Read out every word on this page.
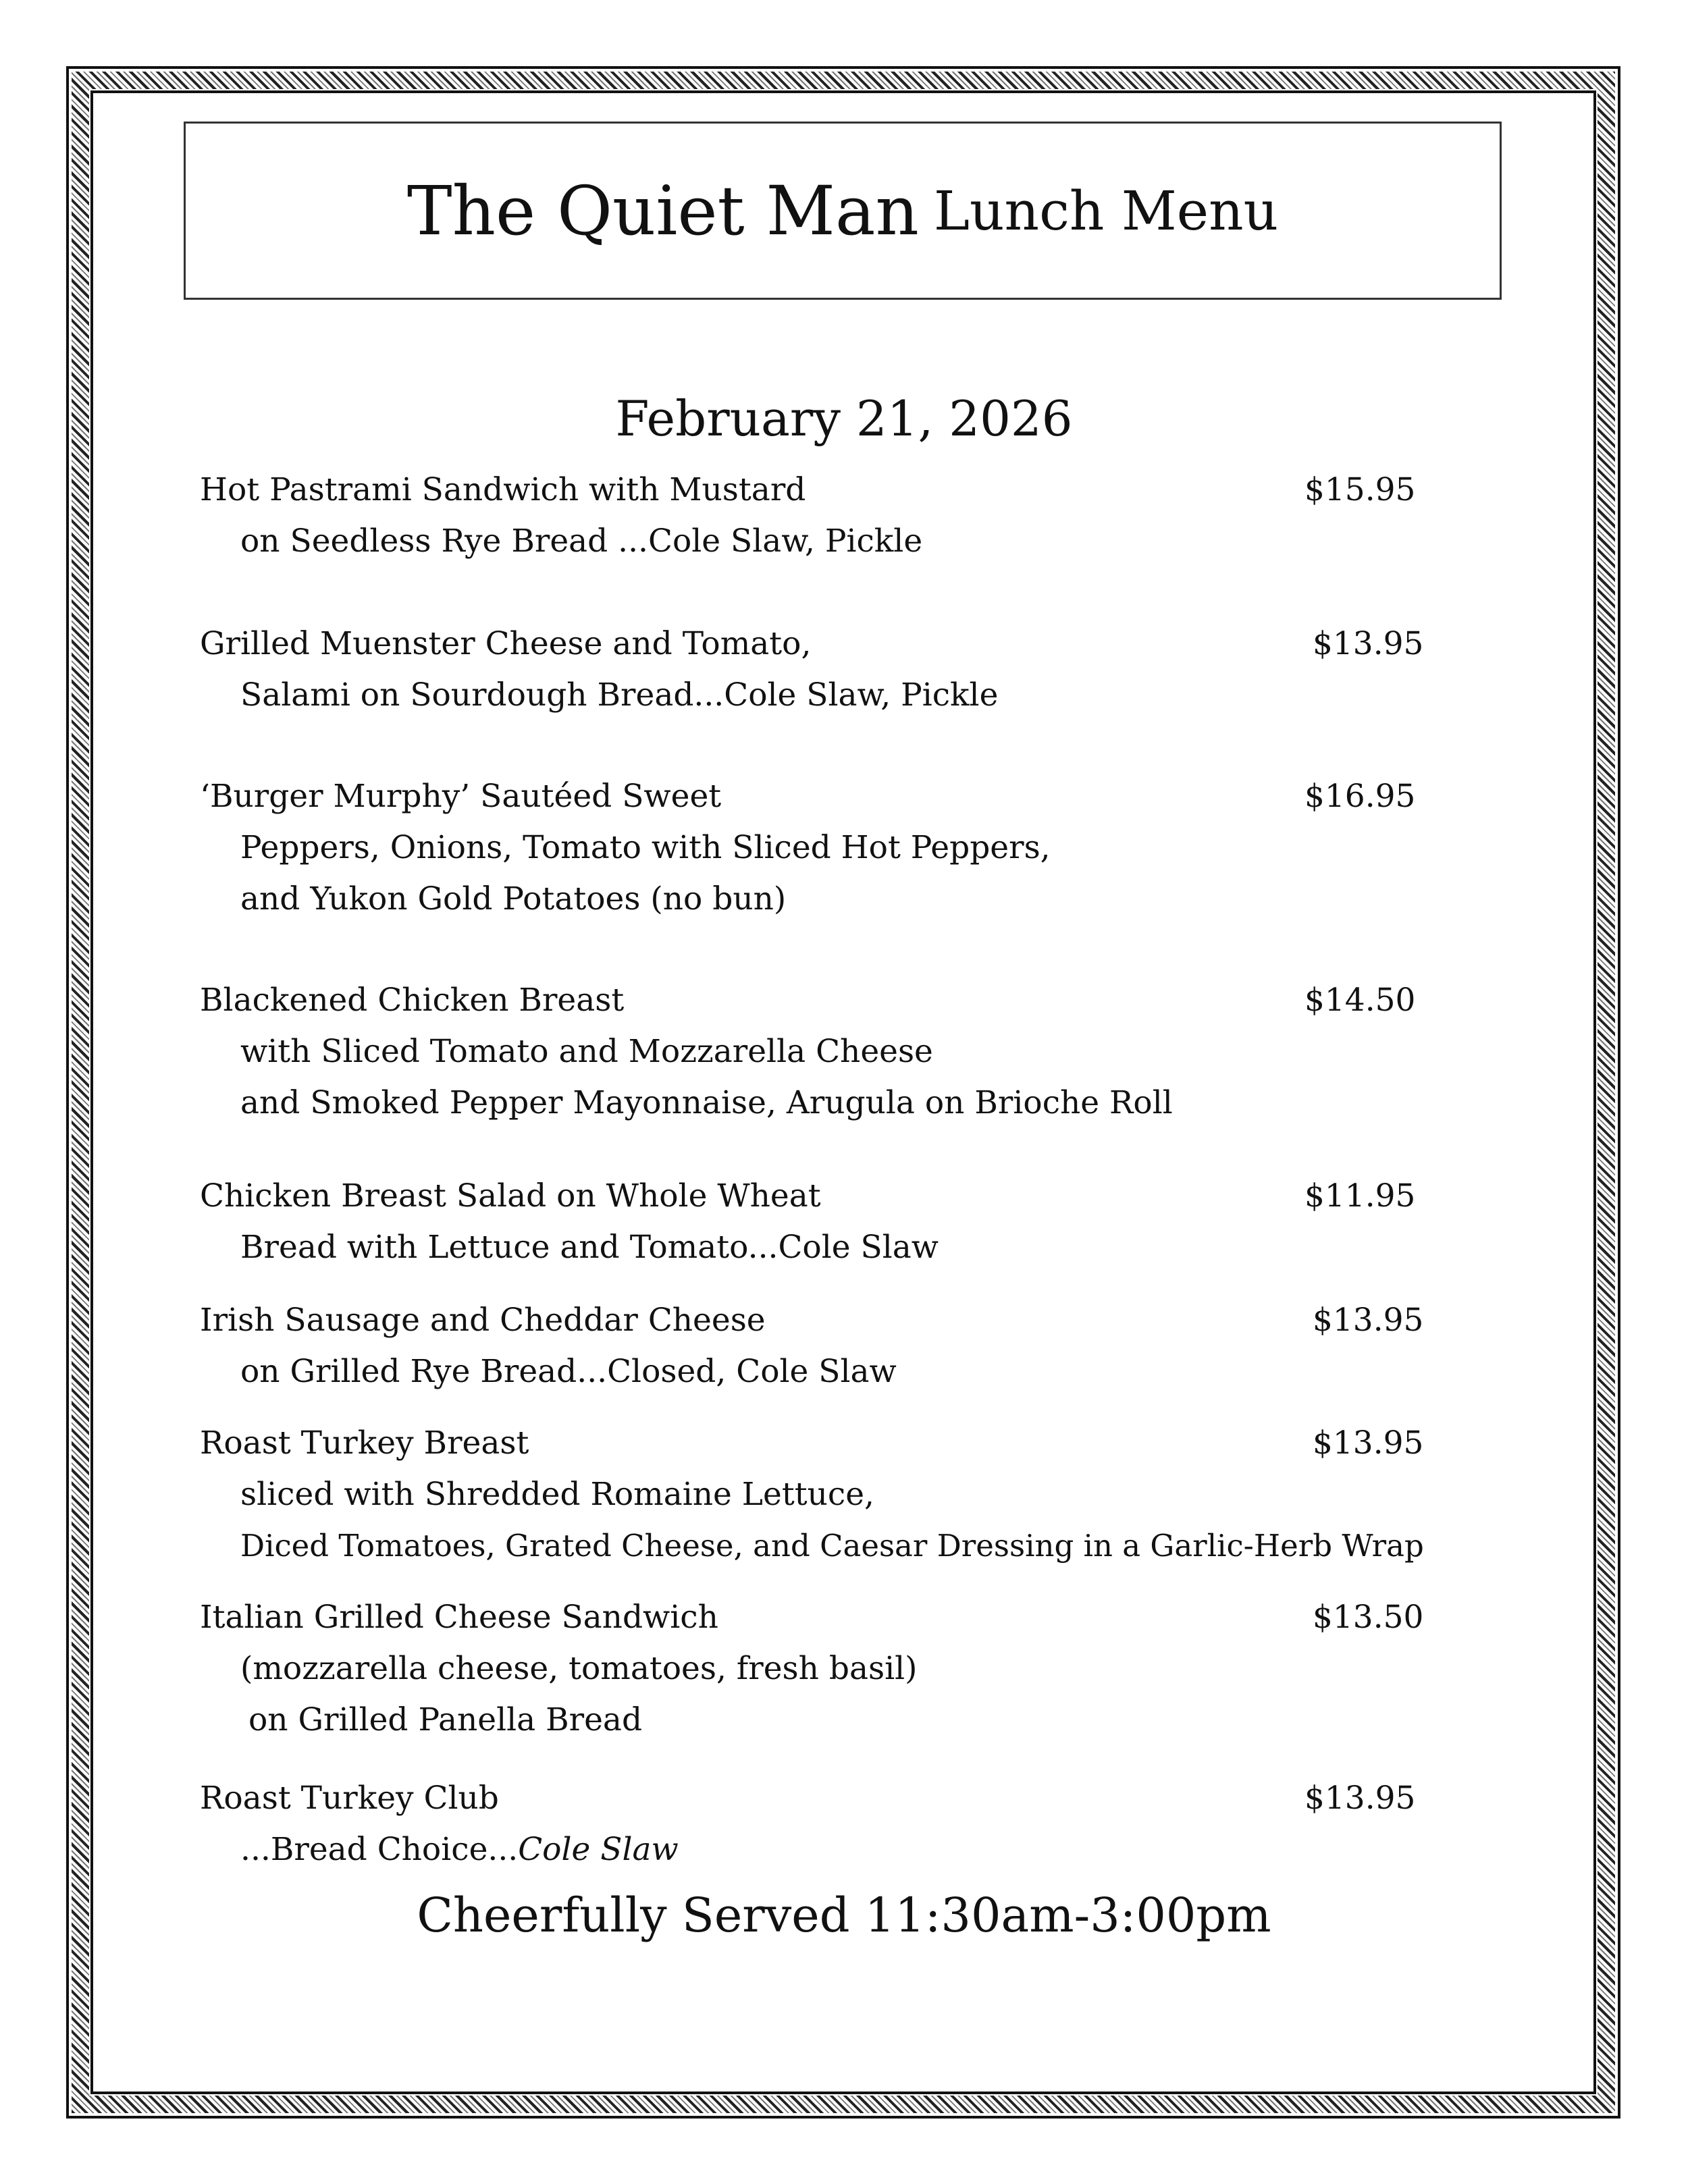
The Quiet Man Lunch Menu
February 21, 2026
Hot Pastrami Sandwich with Mustard
on Seedless Rye Bread ...Cole Slaw, Pickle
$15.95
Grilled Muenster Cheese and Tomato,
Salami on Sourdough Bread...Cole Slaw, Pickle
$13.95
‘Burger Murphy’ Sautéed Sweet
Peppers, Onions, Tomato with Sliced Hot Peppers,
and Yukon Gold Potatoes (no bun)
$16.95
Blackened Chicken Breast
with Sliced Tomato and Mozzarella Cheese
and Smoked Pepper Mayonnaise, Arugula on Brioche Roll
$14.50
Chicken Breast Salad on Whole Wheat
Bread with Lettuce and Tomato...Cole Slaw
$11.95
Irish Sausage and Cheddar Cheese
on Grilled Rye Bread...Closed, Cole Slaw
$13.95
Roast Turkey Breast
sliced with Shredded Romaine Lettuce,
Diced Tomatoes, Grated Cheese, and Caesar Dressing in a Garlic-Herb Wrap
$13.95
Italian Grilled Cheese Sandwich
(mozzarella cheese, tomatoes, fresh basil)
on Grilled Panella Bread
$13.50
Roast Turkey Club
...Bread Choice...Cole Slaw
$13.95
Cheerfully Served 11:30am-3:00pm
